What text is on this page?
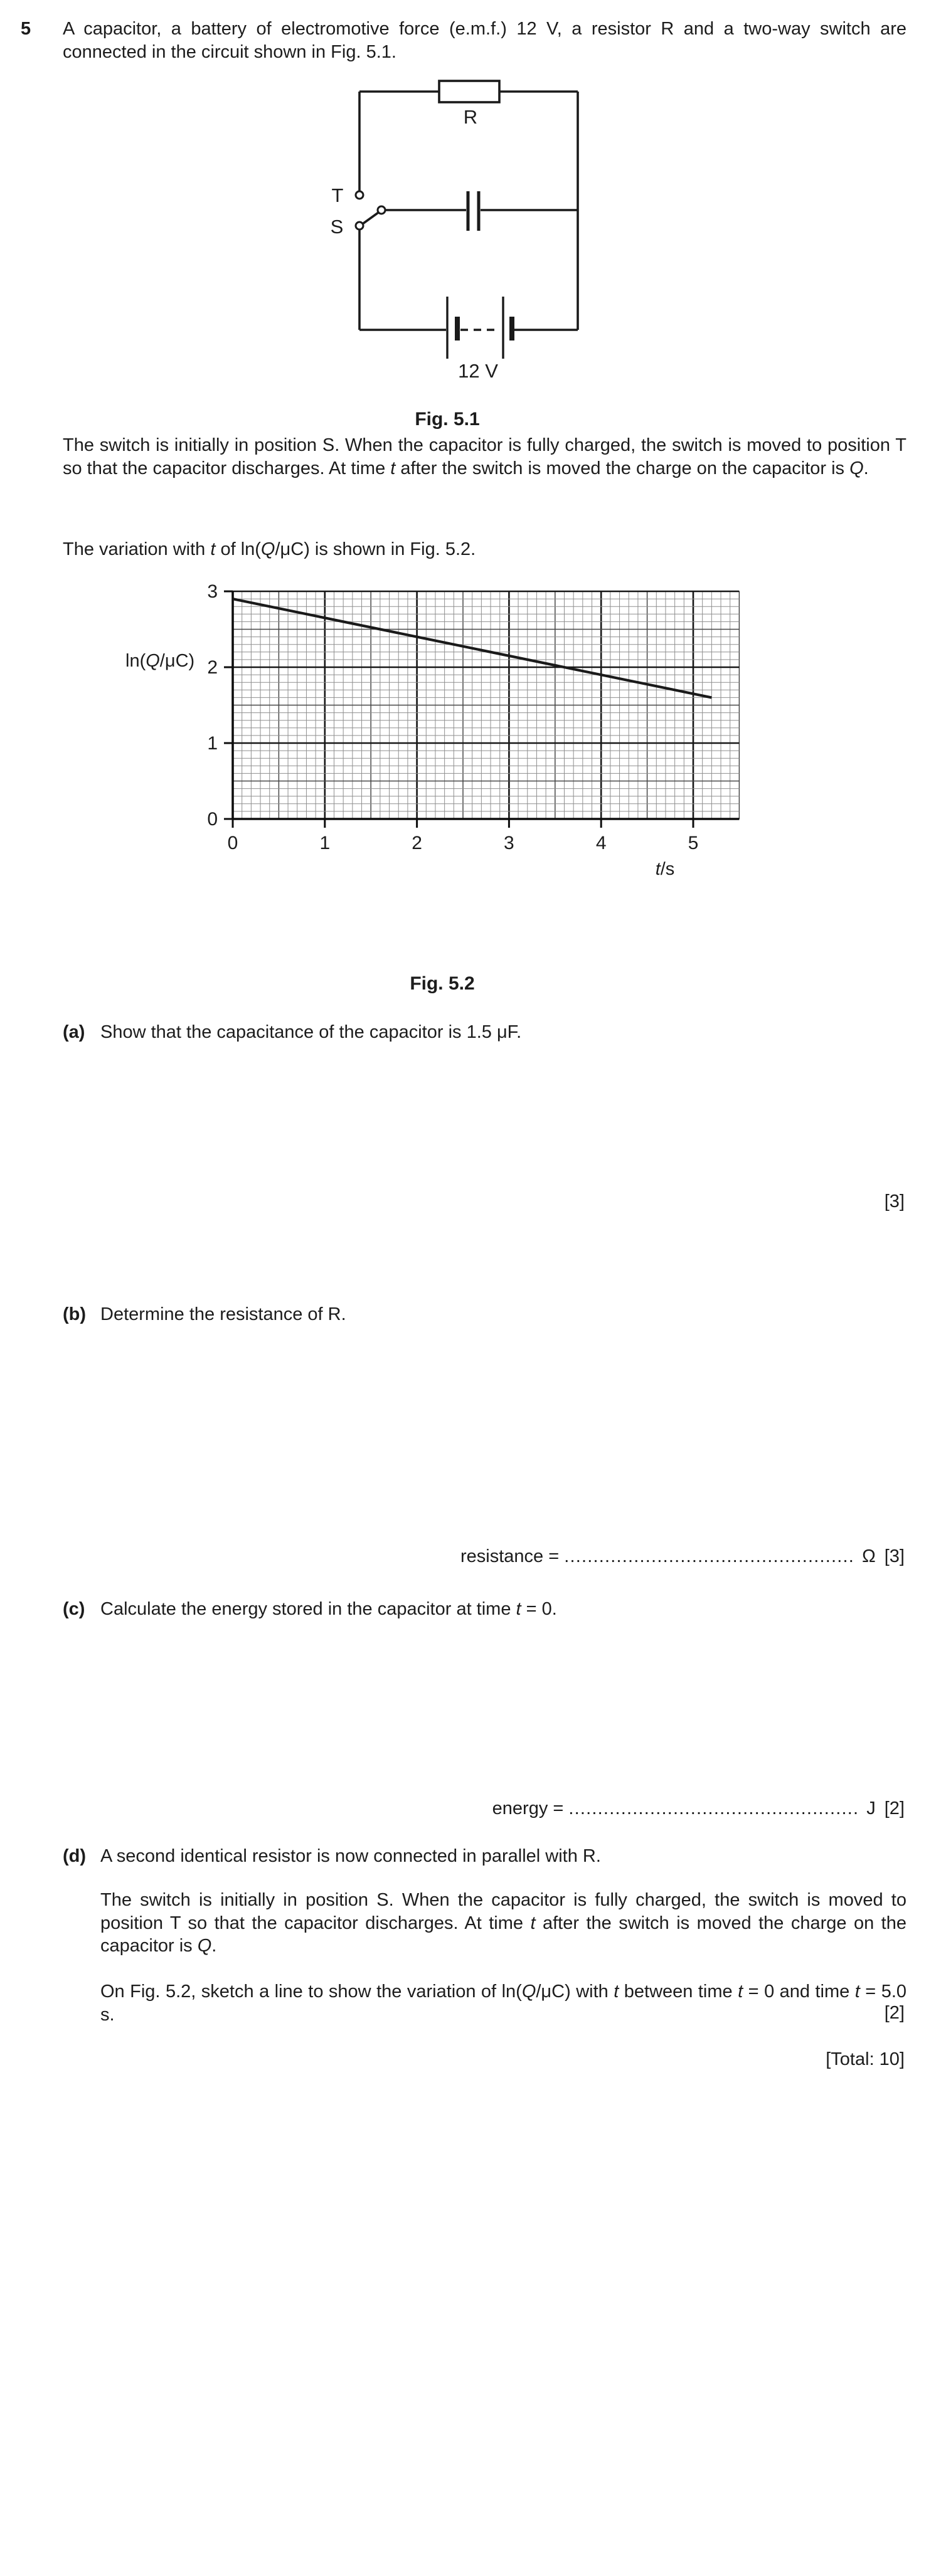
5 A capacitor, a battery of electromotive force (e.m.f.) 12 V, a resistor R and a two-way switch are connected in the circuit shown in Fig. 5.1.
R
T
S
12 V
Fig. 5.1
The switch is initially in position S. When the capacitor is fully charged, the switch is moved to position T so that the capacitor discharges. At time t after the switch is moved the charge on the capacitor is Q.
The variation with t of ln(Q/μC) is shown in Fig. 5.2.
0	1	2	3	4	5
0
1
2
3
ln(Q/μC)
t/s
Fig. 5.2
(a) Show that the capacitance of the capacitor is 1.5 μF.
[3]
(b) Determine the resistance of R.
resistance = .................................................. Ω [3]
(c) Calculate the energy stored in the capacitor at time t = 0.
energy = .................................................. J [2]
(d) A second identical resistor is now connected in parallel with R.
The switch is initially in position S. When the capacitor is fully charged, the switch is moved to position T so that the capacitor discharges. At time t after the switch is moved the charge on the capacitor is Q.
On Fig. 5.2, sketch a line to show the variation of ln(Q/μC) with t between time t = 0 and time t = 5.0 s.	[2]
[Total: 10]
